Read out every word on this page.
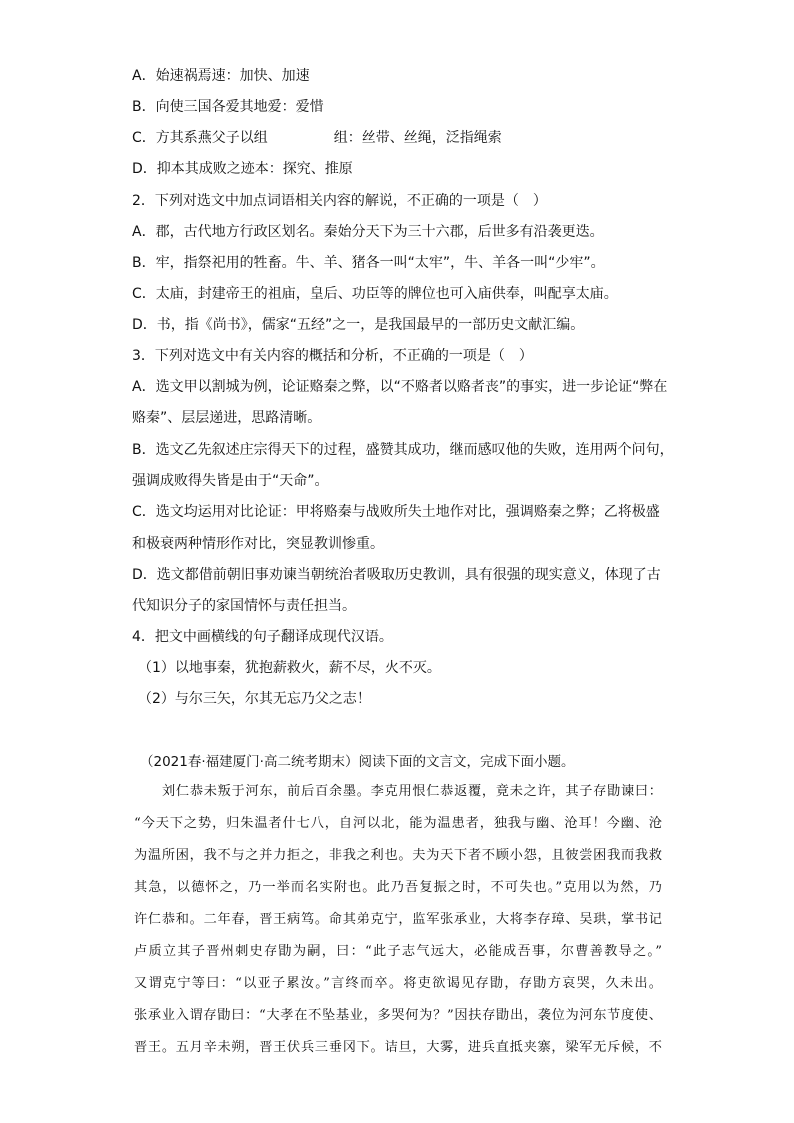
A．始速祸焉速：加快、加速
B．向使三国各爱其地爱：爱惜
C．方其系燕父子以组	组：丝带、丝绳，泛指绳索
D．抑本其成败之迹本：探究、推原
2．下列对选文中加点词语相关内容的解说，不正确的一项是（　）
A．郡，古代地方行政区划名。秦始分天下为三十六郡，后世多有沿袭更迭。
B．牢，指祭祀用的牲畜。牛、羊、猪各一叫“太牢”，牛、羊各一叫“少牢”。
C．太庙，封建帝王的祖庙，皇后、功臣等的牌位也可入庙供奉，叫配享太庙。
D．书，指《尚书》，儒家“五经”之一，是我国最早的一部历史文献汇编。
3．下列对选文中有关内容的概括和分析，不正确的一项是（　）
A．选文甲以割城为例，论证赂秦之弊，以“不赂者以赂者丧”的事实，进一步论证“弊在
赂秦”、层层递进，思路清晰。
B．选文乙先叙述庄宗得天下的过程，盛赞其成功，继而感叹他的失败，连用两个问句，
强调成败得失皆是由于“天命”。
C．选文均运用对比论证：甲将赂秦与战败所失土地作对比，强调赂秦之弊；乙将极盛
和极衰两种情形作对比，突显教训惨重。
D．选文都借前朝旧事劝谏当朝统治者吸取历史教训，具有很强的现实意义，体现了古
代知识分子的家国情怀与责任担当。
4．把文中画横线的句子翻译成现代汉语。
（1）以地事秦，犹抱薪救火，薪不尽，火不灭。
（2）与尔三矢，尔其无忘乃父之志！
（2021春·福建厦门·高二统考期末）阅读下面的文言文，完成下面小题。
刘仁恭未叛于河东，前后百余墨。李克用恨仁恭返覆，竟未之许，其子存勖谏曰：
“今天下之势，归朱温者什七八，自河以北，能为温患者，独我与幽、沧耳！今幽、沧
为温所困，我不与之并力拒之，非我之利也。夫为天下者不顾小怨，且彼尝困我而我救
其急，以德怀之，乃一举而名实附也。此乃吾复振之时，不可失也。”克用以为然，乃
许仁恭和。二年春，晋王病笃。命其弟克宁，监军张承业，大将李存璋、吴珙，掌书记
卢质立其子晋州刺史存勖为嗣，曰：“此子志气远大，必能成吾事，尔曹善教导之。”
又谓克宁等曰：“以亚子累汝。”言终而卒。将吏欲谒见存勖，存勖方哀哭，久未出。
张承业入谓存勖曰：“大孝在不坠基业，多哭何为？”因扶存勖出，袭位为河东节度使、
晋王。五月辛未朔，晋王伏兵三垂冈下。诘旦，大雾，进兵直抵夹寨，梁军无斥候，不
